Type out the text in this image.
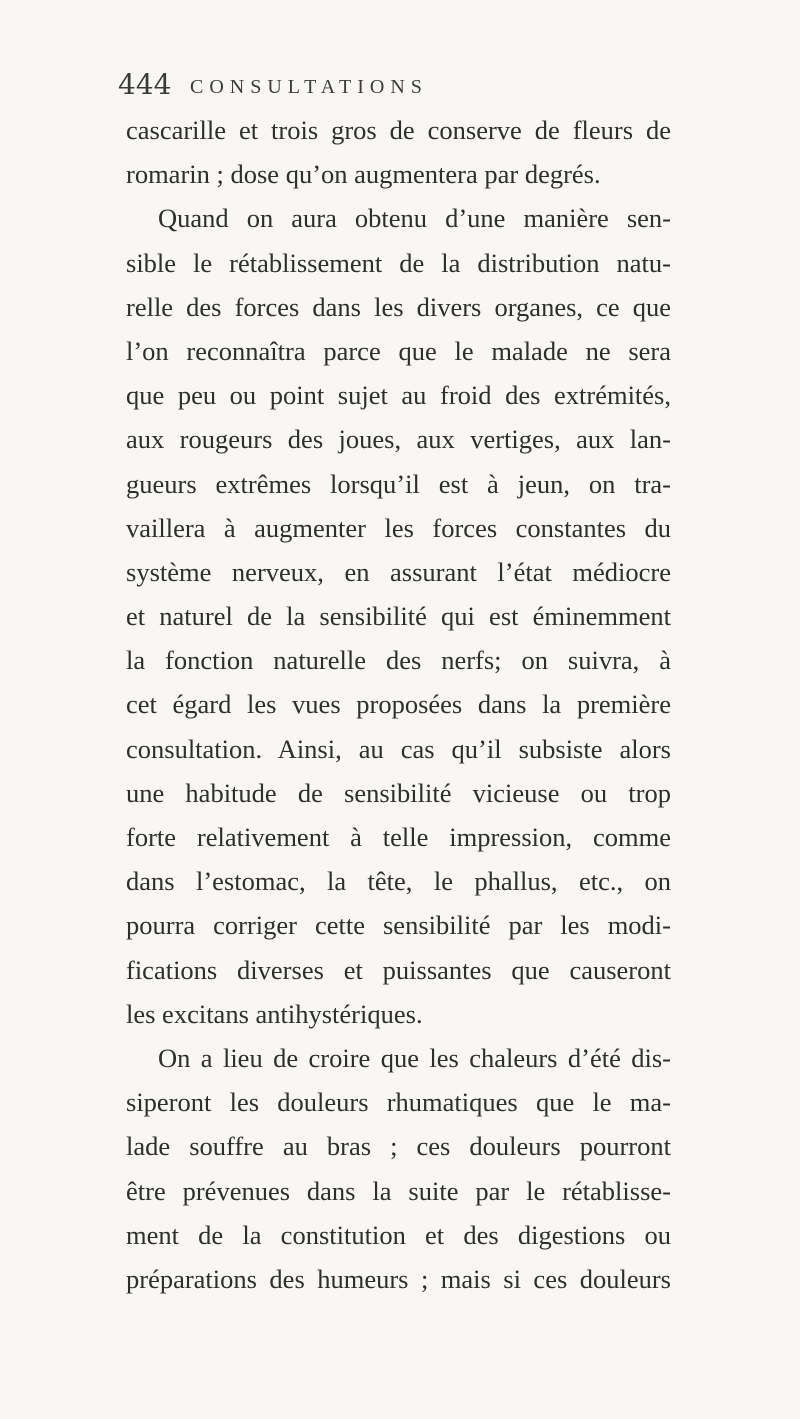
444 CONSULTATIONS
cascarille et trois gros de conserve de fleurs de
romarin ; dose qu’on augmentera par degrés.
Quand on aura obtenu d’une manière sen-
sible le rétablissement de la distribution natu-
relle des forces dans les divers organes, ce que
l’on reconnaîtra parce que le malade ne sera
que peu ou point sujet au froid des extrémités,
aux rougeurs des joues, aux vertiges, aux lan-
gueurs extrêmes lorsqu’il est à jeun, on tra-
vaillera à augmenter les forces constantes du
système nerveux, en assurant l’état médiocre
et naturel de la sensibilité qui est éminemment
la fonction naturelle des nerfs; on suivra, à
cet égard les vues proposées dans la première
consultation. Ainsi, au cas qu’il subsiste alors
une habitude de sensibilité vicieuse ou trop
forte relativement à telle impression, comme
dans l’estomac, la tête, le phallus, etc., on
pourra corriger cette sensibilité par les modi-
fications diverses et puissantes que causeront
les excitans antihystériques.
On a lieu de croire que les chaleurs d’été dis-
siperont les douleurs rhumatiques que le ma-
lade souffre au bras ; ces douleurs pourront
être prévenues dans la suite par le rétablisse-
ment de la constitution et des digestions ou
préparations des humeurs ; mais si ces douleurs
